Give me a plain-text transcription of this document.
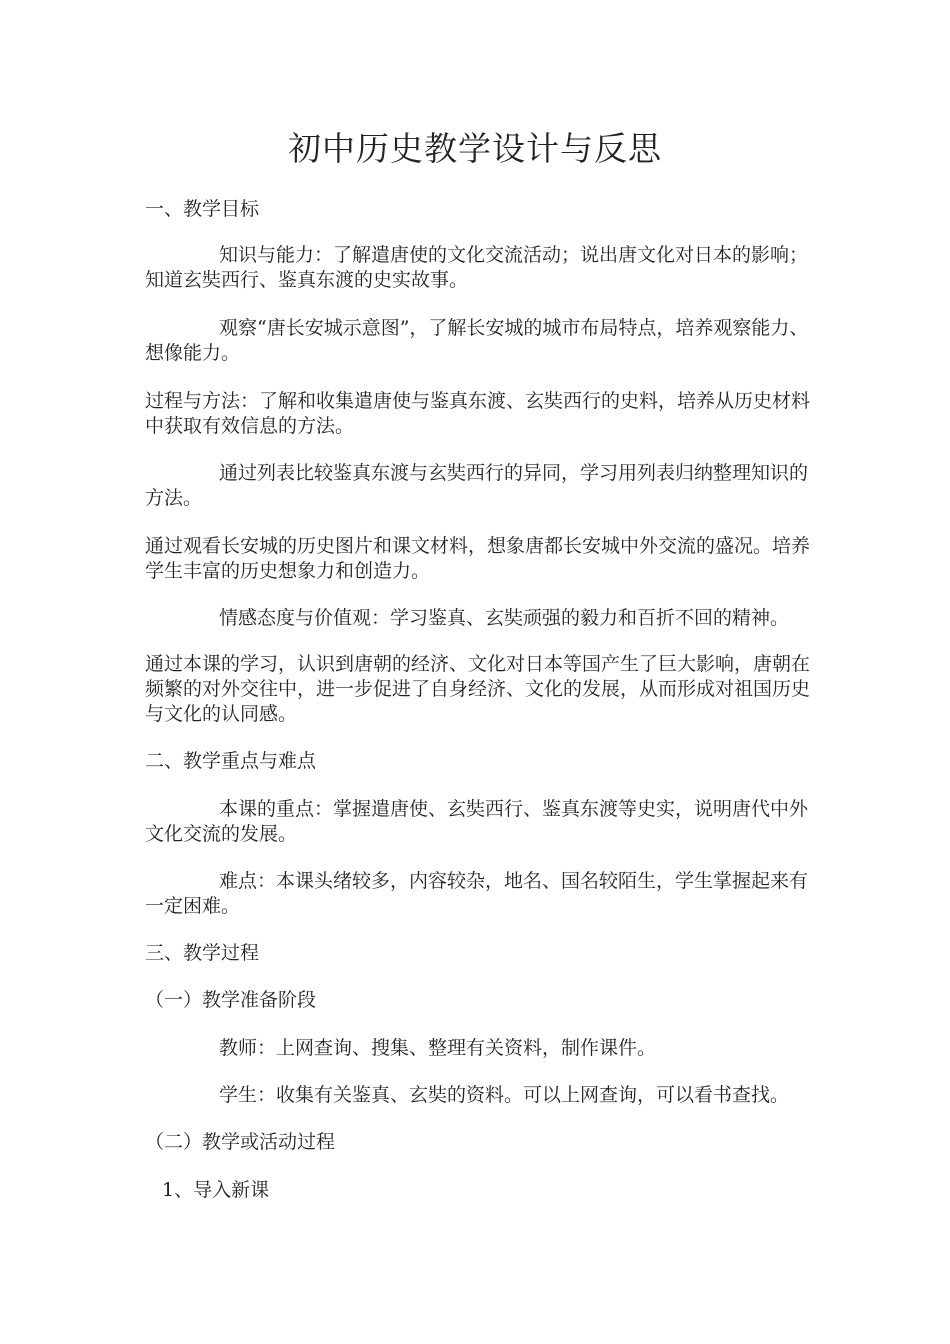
初中历史教学设计与反思

一、教学目标

知识与能力：了解遣唐使的文化交流活动；说出唐文化对日本的影响；知道玄奘西行、鉴真东渡的史实故事。

观察“唐长安城示意图”，了解长安城的城市布局特点，培养观察能力、想像能力。

过程与方法：了解和收集遣唐使与鉴真东渡、玄奘西行的史料，培养从历史材料中获取有效信息的方法。

通过列表比较鉴真东渡与玄奘西行的异同，学习用列表归纳整理知识的方法。

通过观看长安城的历史图片和课文材料，想象唐都长安城中外交流的盛况。培养学生丰富的历史想象力和创造力。

情感态度与价值观：学习鉴真、玄奘顽强的毅力和百折不回的精神。

通过本课的学习，认识到唐朝的经济、文化对日本等国产生了巨大影响，唐朝在频繁的对外交往中，进一步促进了自身经济、文化的发展，从而形成对祖国历史与文化的认同感。

二、教学重点与难点

本课的重点：掌握遣唐使、玄奘西行、鉴真东渡等史实，说明唐代中外文化交流的发展。

难点：本课头绪较多，内容较杂，地名、国名较陌生，学生掌握起来有一定困难。

三、教学过程

（一）教学准备阶段

教师：上网查询、搜集、整理有关资料，制作课件。

学生：收集有关鉴真、玄奘的资料。可以上网查询，可以看书查找。

（二）教学或活动过程

1、导入新课
